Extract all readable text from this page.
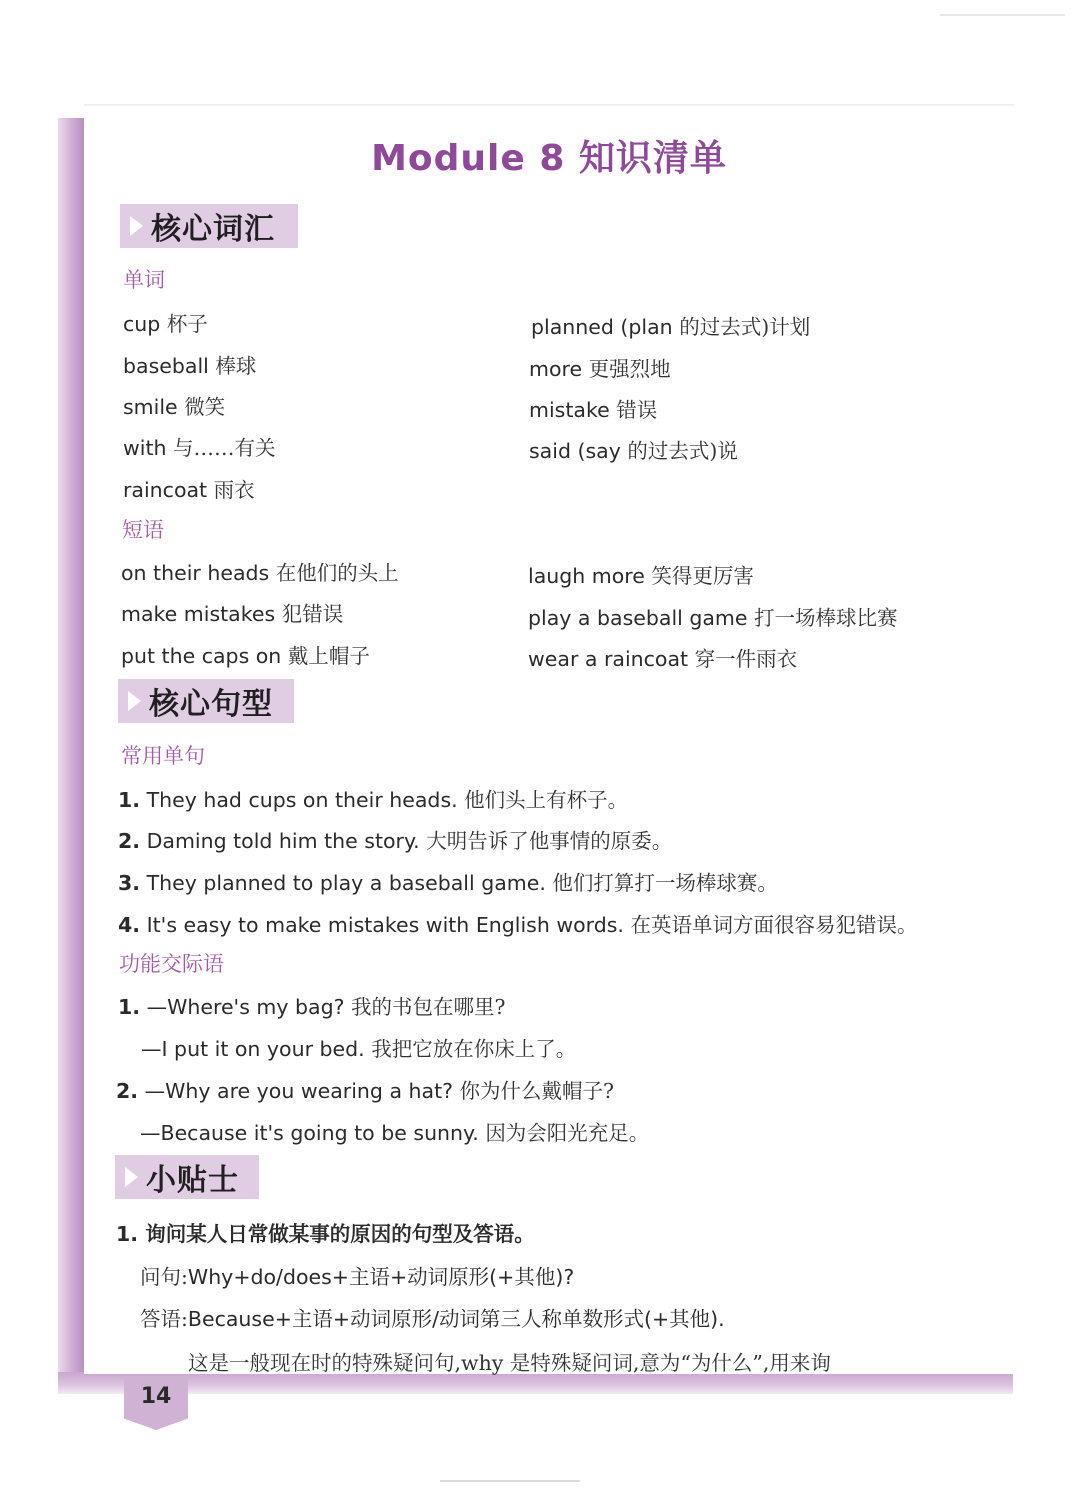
Module 8 知识清单
核心词汇
单词
cup 杯子
baseball 棒球
smile 微笑
with 与……有关
raincoat 雨衣
planned (plan 的过去式)计划
more 更强烈地
mistake 错误
said (say 的过去式)说
短语
on their heads 在他们的头上
make mistakes 犯错误
put the caps on 戴上帽子
laugh more 笑得更厉害
play a baseball game 打一场棒球比赛
wear a raincoat 穿一件雨衣
核心句型
常用单句
1. They had cups on their heads. 他们头上有杯子。
2. Daming told him the story. 大明告诉了他事情的原委。
3. They planned to play a baseball game. 他们打算打一场棒球赛。
4. It's easy to make mistakes with English words. 在英语单词方面很容易犯错误。
功能交际语
1. —Where's my bag? 我的书包在哪里?
—I put it on your bed. 我把它放在你床上了。
2. —Why are you wearing a hat? 你为什么戴帽子?
—Because it's going to be sunny. 因为会阳光充足。
小贴士
1. 询问某人日常做某事的原因的句型及答语。
问句:Why+do/does+主语+动词原形(+其他)?
答语:Because+主语+动词原形/动词第三人称单数形式(+其他).
这是一般现在时的特殊疑问句,why 是特殊疑问词,意为“为什么”,用来询
14
